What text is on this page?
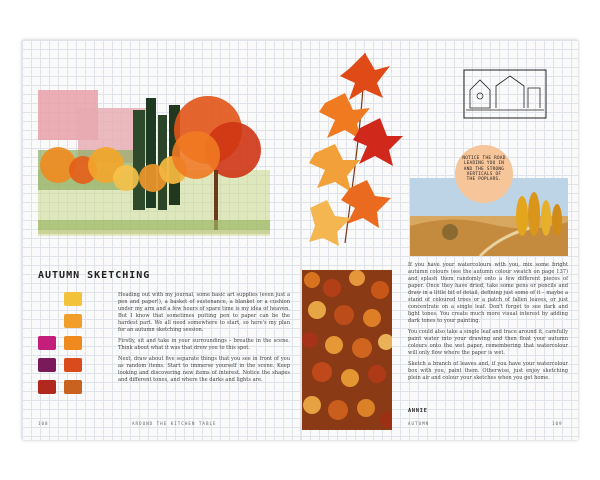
NOTICE THE ROAD LEADING YOU IN AND THE STRONG VERTICALS OF THE POPLARS.
AUTUMN SKETCHING

Heading out with my journal, some basic art supplies (even just a pen and paper!), a basket of sustenance, a blanket or a cushion under my arm and a few hours of spare time is my idea of heaven. But I know that sometimes putting pen to paper can be the hardest part. We all need somewhere to start, so here's my plan for an autumn sketching session.

Firstly, sit and take in your surroundings – breathe in the scene. Think about what it was that drew you to this spot.

Next, draw about five separate things that you see in front of you as random items. Start to immerse yourself in the scene. Keep looking and discovering new items of interest. Notice the shapes and different tones, and where the darks and lights are.

108	AROUND THE KITCHEN TABLE

If you have your watercolours with you, mix some bright autumn colours (see the autumn colour swatch on page 137) and splash them randomly onto a few different pieces of paper. Once they have dried, take some pens or pencils and draw in a little bit of detail, defining just some of it – maybe a stand of coloured trees or a patch of fallen leaves, or just concentrate on a single leaf. Don't forget to see dark and light tones. You create much more visual interest by adding dark tones to your painting.

You could also take a single leaf and trace around it, carefully paint water into your drawing and then float your autumn colours onto the wet paper, remembering that watercolour will only flow where the paper is wet.

Sketch a branch of leaves and, if you have your watercolour box with you, paint them. Otherwise, just enjoy sketching plein air and colour your sketches when you get home.

ANNIE
AUTUMN	109
